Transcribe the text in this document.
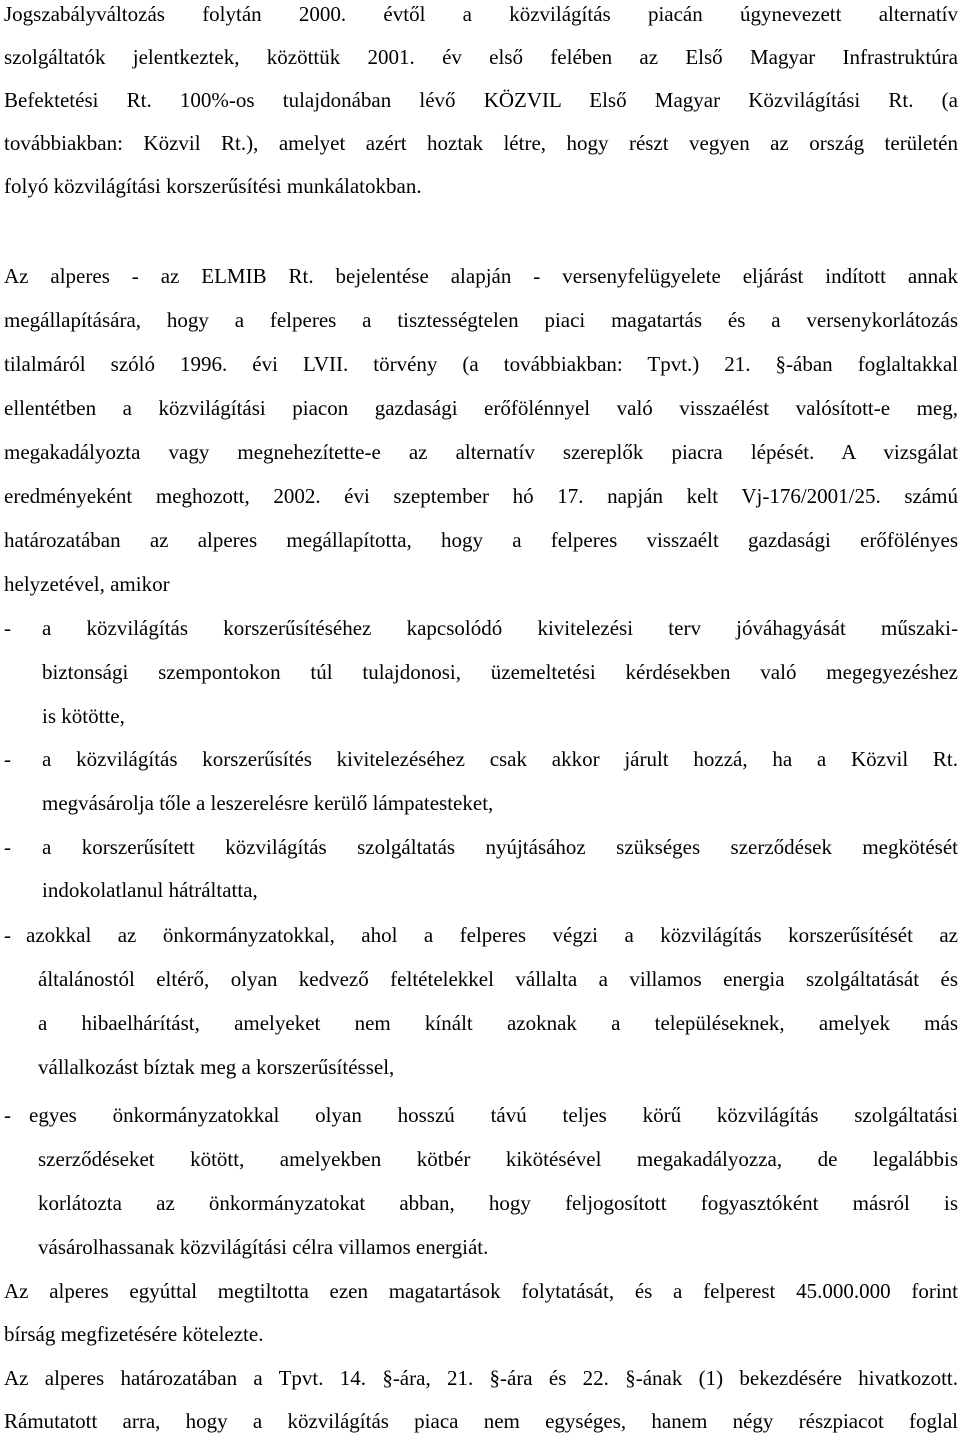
Jogszabályváltozás folytán 2000. évtől a közvilágítás piacán úgynevezett alternatív
szolgáltatók jelentkeztek, közöttük 2001. év első felében az Első Magyar Infrastruktúra
Befektetési Rt. 100%-os tulajdonában lévő KÖZVIL Első Magyar Közvilágítási Rt. (a
továbbiakban: Közvil Rt.), amelyet azért hoztak létre, hogy részt vegyen az ország területén
folyó közvilágítási korszerűsítési munkálatokban.
Az alperes - az ELMIB Rt. bejelentése alapján - versenyfelügyelete eljárást indított annak
megállapítására, hogy a felperes a tisztességtelen piaci magatartás és a versenykorlátozás
tilalmáról szóló 1996. évi LVII. törvény (a továbbiakban: Tpvt.) 21. §-ában foglaltakkal
ellentétben a közvilágítási piacon gazdasági erőfölénnyel való visszaélést valósított-e meg,
megakadályozta vagy megnehezítette-e az alternatív szereplők piacra lépését. A vizsgálat
eredményeként meghozott, 2002. évi szeptember hó 17. napján kelt Vj-176/2001/25. számú
határozatában az alperes megállapította, hogy a felperes visszaélt gazdasági erőfölényes
helyzetével, amikor
- a közvilágítás korszerűsítéséhez kapcsolódó kivitelezési terv jóváhagyását műszaki-
biztonsági szempontokon túl tulajdonosi, üzemeltetési kérdésekben való megegyezéshez
is kötötte,
- a közvilágítás korszerűsítés kivitelezéséhez csak akkor járult hozzá, ha a Közvil Rt.
megvásárolja tőle a leszerelésre kerülő lámpatesteket,
- a korszerűsített közvilágítás szolgáltatás nyújtásához szükséges szerződések megkötését
indokolatlanul hátráltatta,
- azokkal az önkormányzatokkal, ahol a felperes végzi a közvilágítás korszerűsítését az
általánostól eltérő, olyan kedvező feltételekkel vállalta a villamos energia szolgáltatását és
a hibaelhárítást, amelyeket nem kínált azoknak a településeknek, amelyek más
vállalkozást bíztak meg a korszerűsítéssel,
- egyes önkormányzatokkal olyan hosszú távú teljes körű közvilágítás szolgáltatási
szerződéseket kötött, amelyekben kötbér kikötésével megakadályozza, de legalábbis
korlátozta az önkormányzatokat abban, hogy feljogosított fogyasztóként másról is
vásárolhassanak közvilágítási célra villamos energiát.
Az alperes egyúttal megtiltotta ezen magatartások folytatását, és a felperest 45.000.000 forint
bírság megfizetésére kötelezte.
Az alperes határozatában a Tpvt. 14. §-ára, 21. §-ára és 22. §-ának (1) bekezdésére hivatkozott.
Rámutatott arra, hogy a közvilágítás piaca nem egységes, hanem négy részpiacot foglal
